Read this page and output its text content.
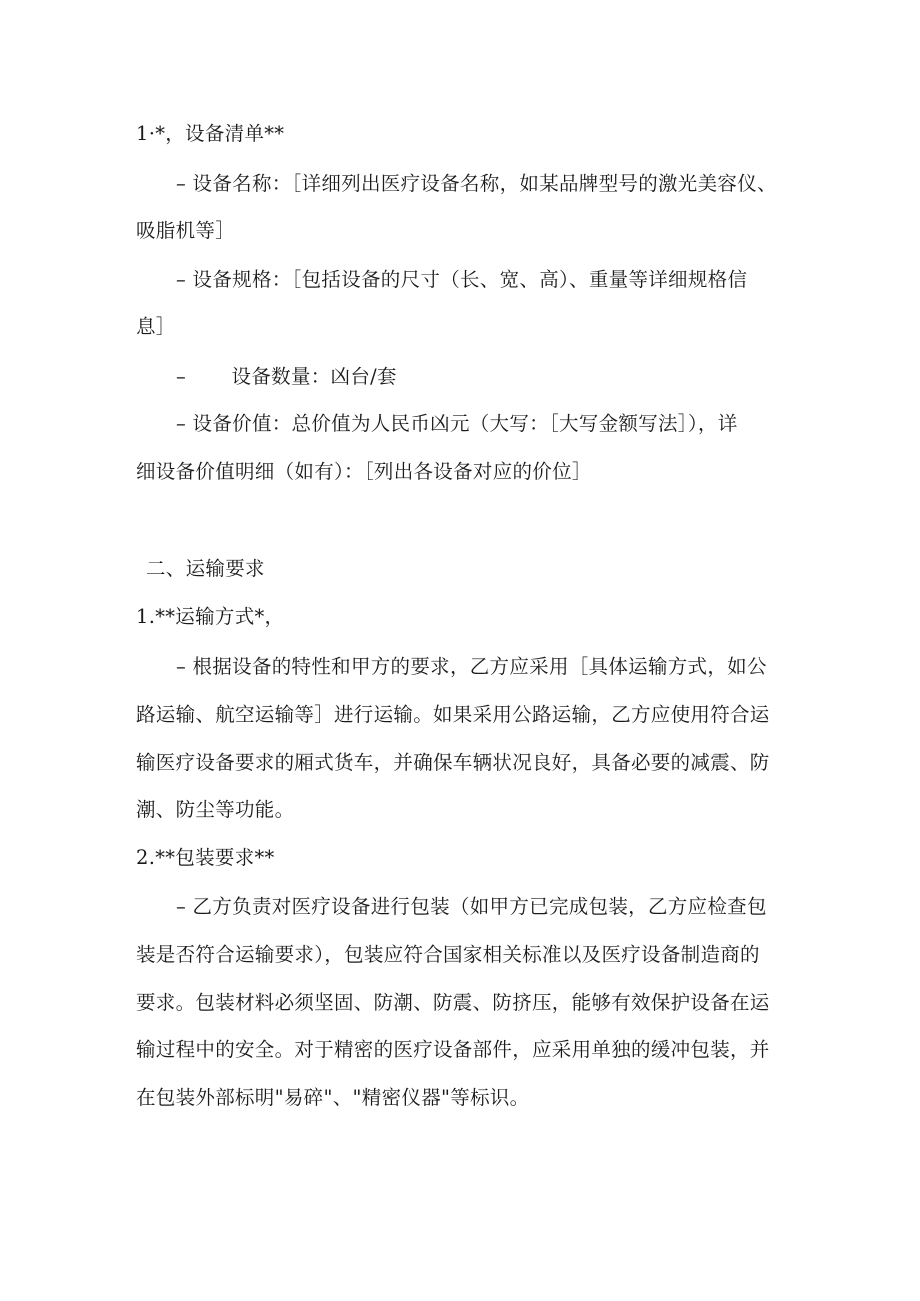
1·*，设备清单**
– 设备名称：［详细列出医疗设备名称，如某品牌型号的激光美容仪、
吸脂机等］
– 设备规格：［包括设备的尺寸（长、宽、高）、重量等详细规格信
息］
–       设备数量：凶台/套
– 设备价值：总价值为人民币凶元（大写：［大写金额写法］），详
细设备价值明细（如有）：［列出各设备对应的价位］
二、运输要求
1.**运输方式*，
– 根据设备的特性和甲方的要求，乙方应采用［具体运输方式，如公
路运输、航空运输等］进行运输。如果采用公路运输，乙方应使用符合运
输医疗设备要求的厢式货车，并确保车辆状况良好，具备必要的减震、防
潮、防尘等功能。
2.**包装要求**
– 乙方负责对医疗设备进行包装（如甲方已完成包装，乙方应检查包
装是否符合运输要求），包装应符合国家相关标准以及医疗设备制造商的
要求。包装材料必须坚固、防潮、防震、防挤压，能够有效保护设备在运
输过程中的安全。对于精密的医疗设备部件，应采用单独的缓冲包装，并
在包装外部标明"易碎"、"精密仪器"等标识。
